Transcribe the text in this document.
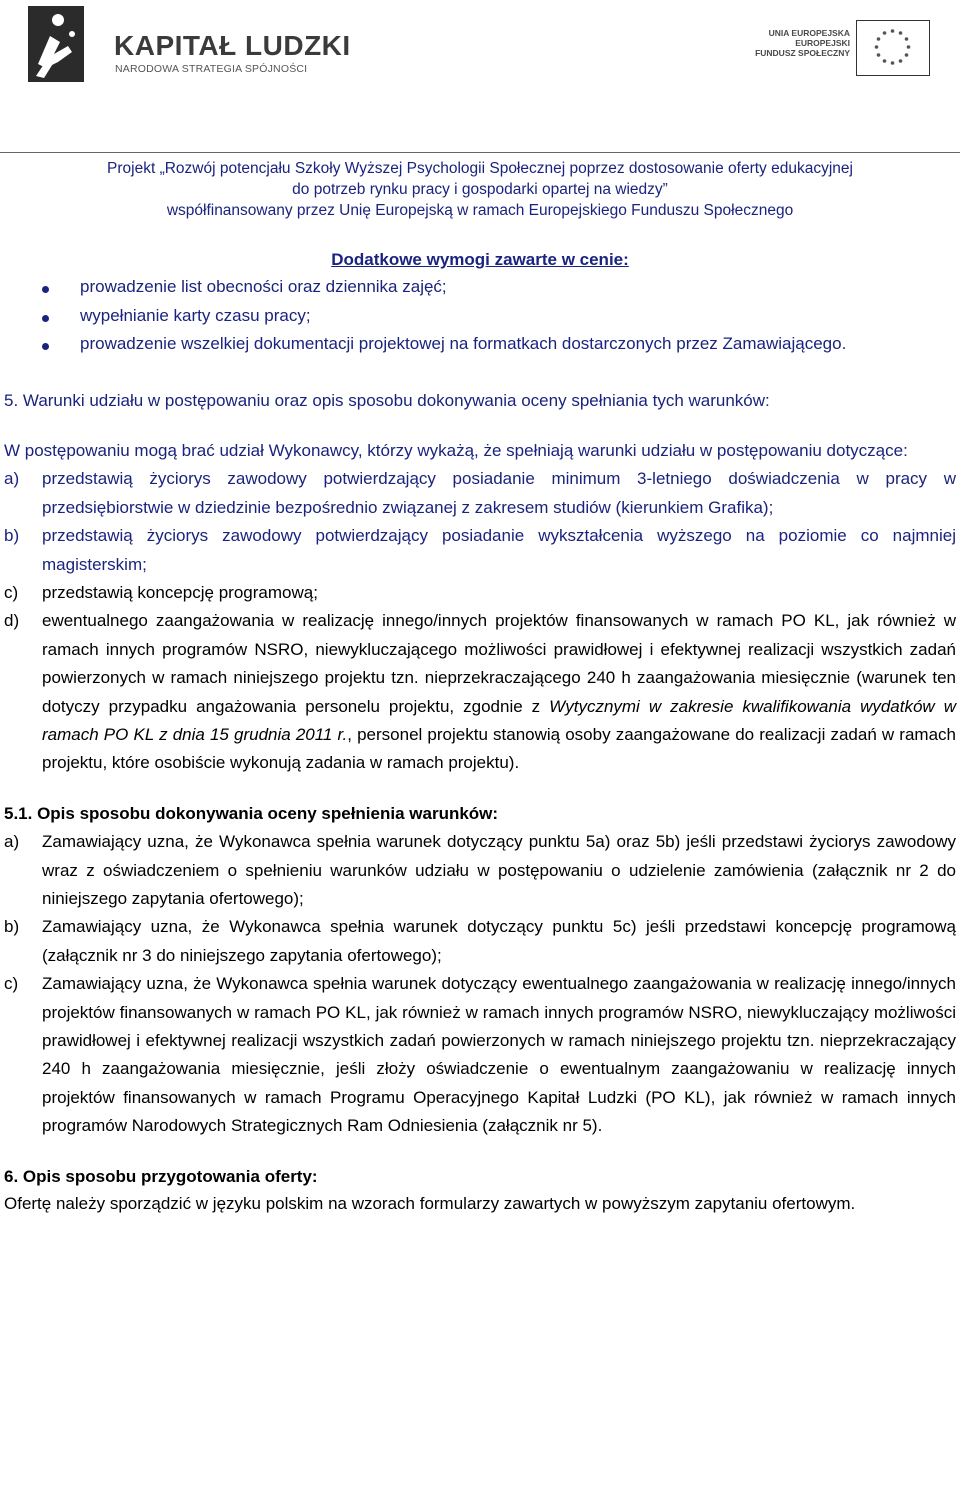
KAPITAŁ LUDZKI
NARODOWA STRATEGIA SPÓJNOŚCI
UNIA EUROPEJSKA
EUROPEJSKI
FUNDUSZ SPOŁECZNY
Projekt „Rozwój potencjału Szkoły Wyższej Psychologii Społecznej poprzez dostosowanie oferty edukacyjnej
do potrzeb rynku pracy i gospodarki opartej na wiedzy”
współfinansowany przez Unię Europejską w ramach Europejskiego Funduszu Społecznego
Dodatkowe wymogi zawarte w cenie:
prowadzenie list obecności oraz dziennika zajęć;
wypełnianie karty czasu pracy;
prowadzenie wszelkiej dokumentacji projektowej na formatkach dostarczonych przez Zamawiającego.
5. Warunki udziału w postępowaniu oraz opis sposobu dokonywania oceny spełniania tych warunków:
W postępowaniu mogą brać udział Wykonawcy, którzy wykażą, że spełniają warunki udziału w postępowaniu dotyczące:
a) przedstawią życiorys zawodowy potwierdzający posiadanie minimum 3-letniego doświadczenia w pracy w przedsiębiorstwie w dziedzinie bezpośrednio związanej z zakresem studiów (kierunkiem Grafika);
b) przedstawią życiorys zawodowy potwierdzający posiadanie wykształcenia wyższego na poziomie co najmniej magisterskim;
c) przedstawią koncepcję programową;
d) ewentualnego zaangażowania w realizację innego/innych projektów finansowanych w ramach PO KL, jak również w ramach innych programów NSRO, niewykluczającego możliwości prawidłowej i efektywnej realizacji wszystkich zadań powierzonych w ramach niniejszego projektu tzn. nieprzekraczającego 240 h zaangażowania miesięcznie (warunek ten dotyczy przypadku angażowania personelu projektu, zgodnie z Wytycznymi w zakresie kwalifikowania wydatków w ramach PO KL z dnia 15 grudnia 2011 r., personel projektu stanowią osoby zaangażowane do realizacji zadań w ramach projektu, które osobiście wykonują zadania w ramach projektu).
5.1. Opis sposobu dokonywania oceny spełnienia warunków:
a) Zamawiający uzna, że Wykonawca spełnia warunek dotyczący punktu 5a) oraz 5b) jeśli przedstawi życiorys zawodowy wraz z oświadczeniem o spełnieniu warunków udziału w postępowaniu o udzielenie zamówienia (załącznik nr 2 do niniejszego zapytania ofertowego);
b) Zamawiający uzna, że Wykonawca spełnia warunek dotyczący punktu 5c) jeśli przedstawi koncepcję programową (załącznik nr 3 do niniejszego zapytania ofertowego);
c) Zamawiający uzna, że Wykonawca spełnia warunek dotyczący ewentualnego zaangażowania w realizację innego/innych projektów finansowanych w ramach PO KL, jak również w ramach innych programów NSRO, niewykluczający możliwości prawidłowej i efektywnej realizacji wszystkich zadań powierzonych w ramach niniejszego projektu tzn. nieprzekraczający 240 h zaangażowania miesięcznie, jeśli złoży oświadczenie o ewentualnym zaangażowaniu w realizację innych projektów finansowanych w ramach Programu Operacyjnego Kapitał Ludzki (PO KL), jak również w ramach innych programów Narodowych Strategicznych Ram Odniesienia (załącznik nr 5).
6. Opis sposobu przygotowania oferty:
Ofertę należy sporządzić w języku polskim na wzorach formularzy zawartych w powyższym zapytaniu ofertowym.
